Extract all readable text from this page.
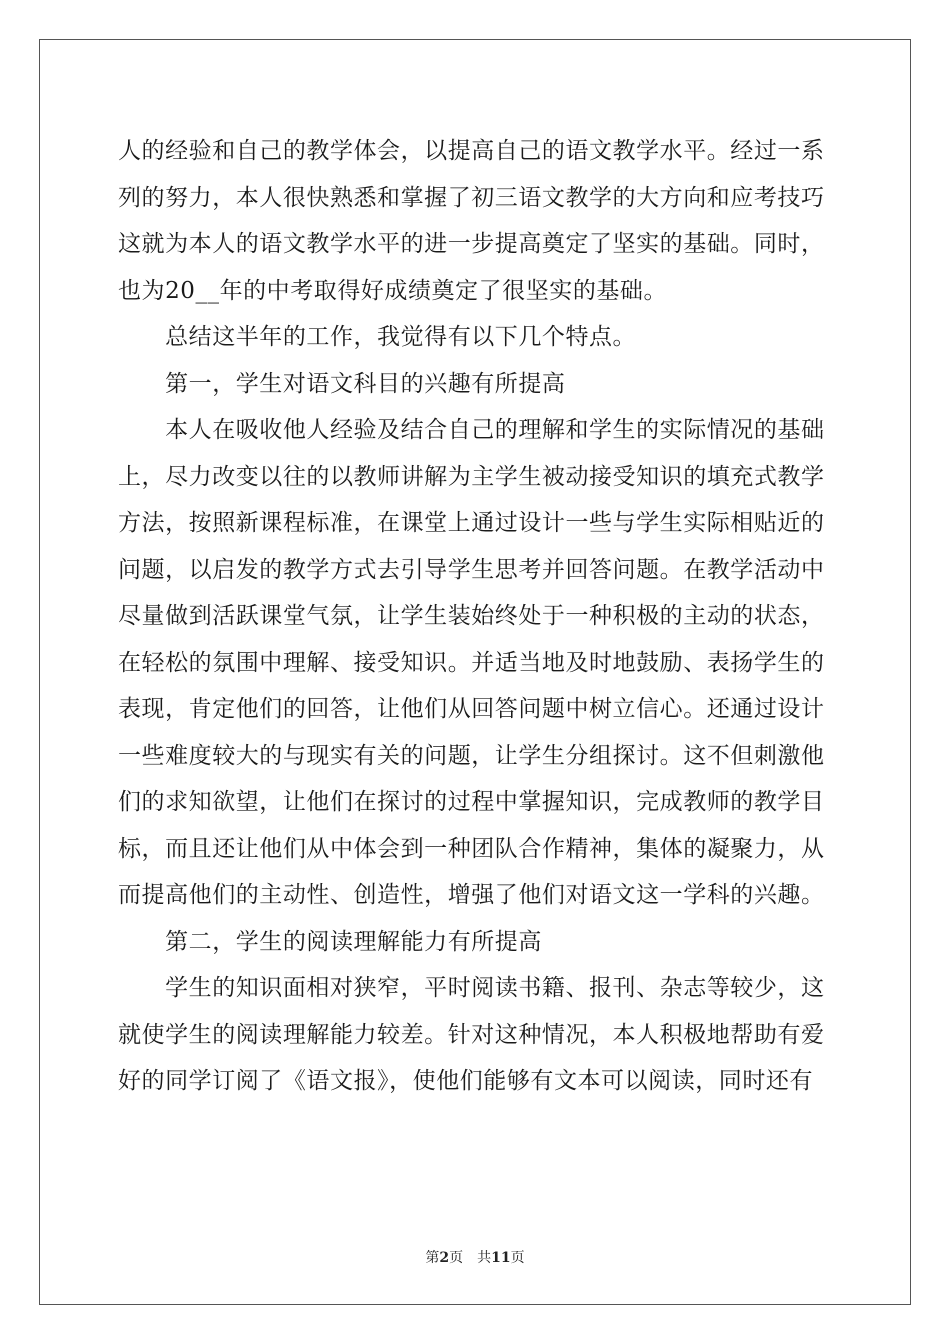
人的经验和自己的教学体会，以提高自己的语文教学水平。经过一系
列的努力，本人很快熟悉和掌握了初三语文教学的大方向和应考技巧
这就为本人的语文教学水平的进一步提高奠定了坚实的基础。同时，
也为20__年的中考取得好成绩奠定了很坚实的基础。
　　总结这半年的工作，我觉得有以下几个特点。
　　第一，学生对语文科目的兴趣有所提高
　　本人在吸收他人经验及结合自己的理解和学生的实际情况的基础
上，尽力改变以往的以教师讲解为主学生被动接受知识的填充式教学
方法，按照新课程标准，在课堂上通过设计一些与学生实际相贴近的
问题，以启发的教学方式去引导学生思考并回答问题。在教学活动中
尽量做到活跃课堂气氛，让学生装始终处于一种积极的主动的状态，
在轻松的氛围中理解、接受知识。并适当地及时地鼓励、表扬学生的
表现，肯定他们的回答，让他们从回答问题中树立信心。还通过设计
一些难度较大的与现实有关的问题，让学生分组探讨。这不但刺激他
们的求知欲望，让他们在探讨的过程中掌握知识，完成教师的教学目
标，而且还让他们从中体会到一种团队合作精神，集体的凝聚力，从
而提高他们的主动性、创造性，增强了他们对语文这一学科的兴趣。
　　第二，学生的阅读理解能力有所提高
　　学生的知识面相对狭窄，平时阅读书籍、报刊、杂志等较少，这
就使学生的阅读理解能力较差。针对这种情况，本人积极地帮助有爱
好的同学订阅了《语文报》，使他们能够有文本可以阅读，同时还有
第2页　共11页
